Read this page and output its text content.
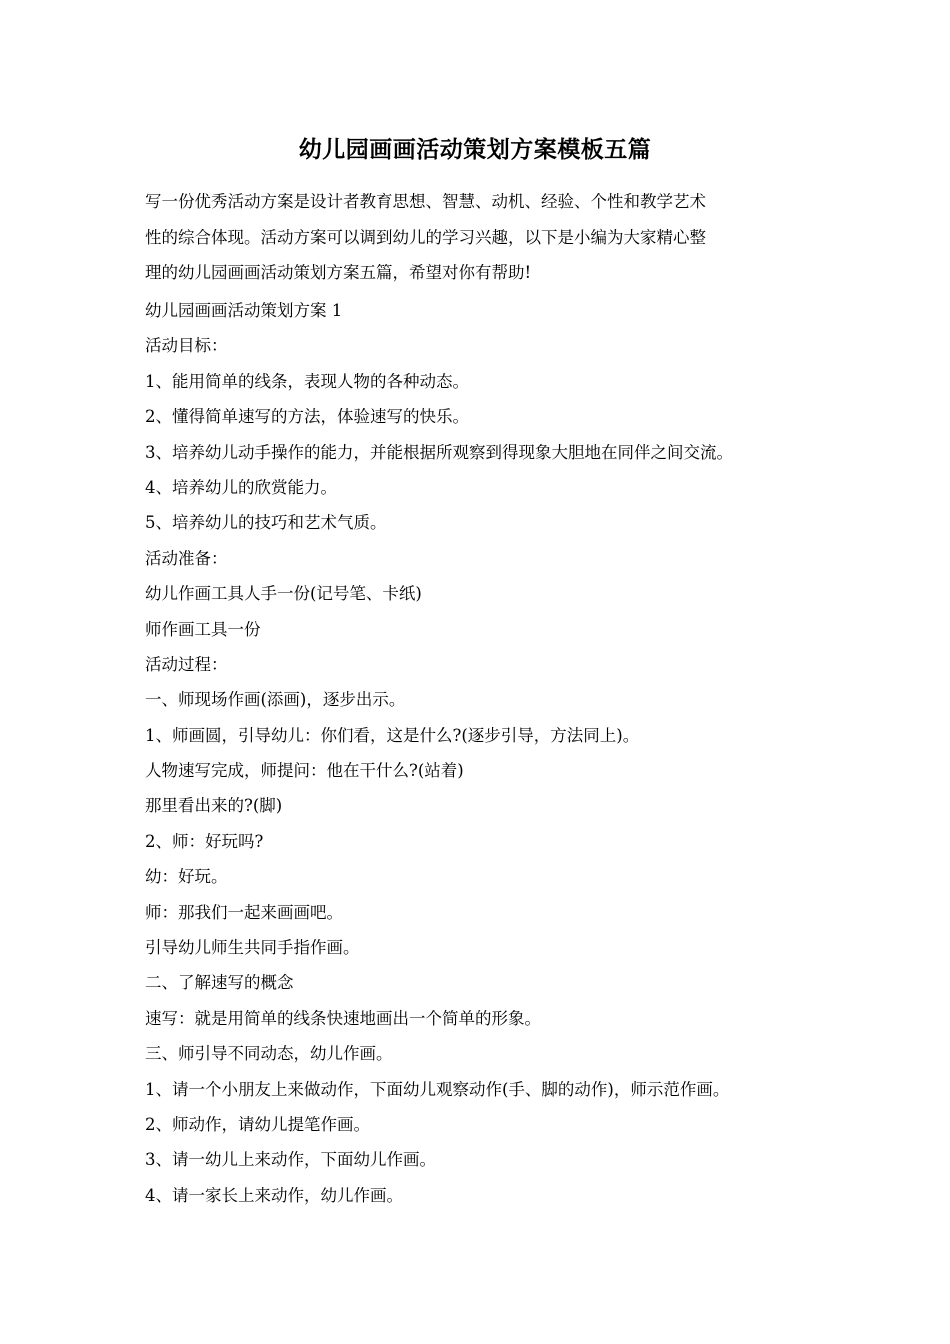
幼儿园画画活动策划方案模板五篇
写一份优秀活动方案是设计者教育思想、智慧、动机、经验、个性和教学艺术
性的综合体现。活动方案可以调到幼儿的学习兴趣，以下是小编为大家精心整
理的幼儿园画画活动策划方案五篇，希望对你有帮助!
幼儿园画画活动策划方案 1
活动目标：
1、能用简单的线条，表现人物的各种动态。
2、懂得简单速写的方法，体验速写的快乐。
3、培养幼儿动手操作的能力，并能根据所观察到得现象大胆地在同伴之间交流。
4、培养幼儿的欣赏能力。
5、培养幼儿的技巧和艺术气质。
活动准备：
幼儿作画工具人手一份(记号笔、卡纸)
师作画工具一份
活动过程：
一、师现场作画(添画)，逐步出示。
1、师画圆，引导幼儿：你们看，这是什么?(逐步引导，方法同上)。
人物速写完成，师提问：他在干什么?(站着)
那里看出来的?(脚)
2、师：好玩吗?
幼：好玩。
师：那我们一起来画画吧。
引导幼儿师生共同手指作画。
二、了解速写的概念
速写：就是用简单的线条快速地画出一个简单的形象。
三、师引导不同动态，幼儿作画。
1、请一个小朋友上来做动作，下面幼儿观察动作(手、脚的动作)，师示范作画。
2、师动作，请幼儿提笔作画。
3、请一幼儿上来动作，下面幼儿作画。
4、请一家长上来动作，幼儿作画。
